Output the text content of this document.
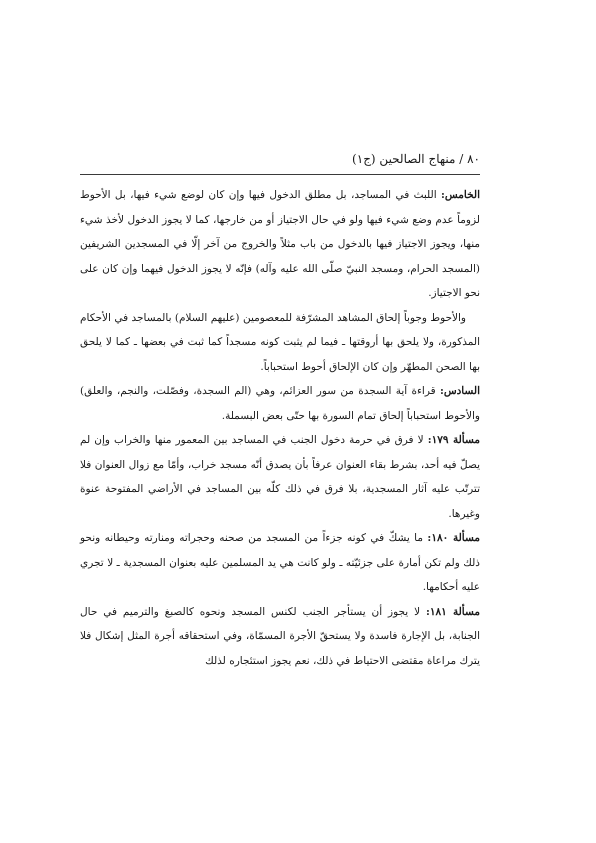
٨٠ / منهاج الصالحين (ج١)

الخامس: اللبث في المساجد، بل مطلق الدخول فيها وإن كان لوضع شيء فيها، بل الأحوط لزوماً عدم وضع شيء فيها ولو في حال الاجتياز أو من خارجها، كما لا يجوز الدخول لأخذ شيء منها، ويجوز الاجتياز فيها بالدخول من باب مثلاً والخروج من آخر إلّا في المسجدين الشريفين (المسجد الحرام، ومسجد النبيّ صلّى الله عليه وآله) فإنّه لا يجوز الدخول فيهما وإن كان على نحو الاجتياز.

والأحوط وجوباً إلحاق المشاهد المشرّفة للمعصومين (عليهم السلام) بالمساجد في الأحكام المذكورة، ولا يلحق بها أروقتها ـ فيما لم يثبت كونه مسجداً كما ثبت في بعضها ـ كما لا يلحق بها الصحن المطهّر وإن كان الإلحاق أحوط استحباباً.

السادس: قراءة آية السجدة من سور العزائم، وهي (الم السجدة، وفصّلت، والنجم، والعلق) والأحوط استحباباً إلحاق تمام السورة بها حتّى بعض البسملة.

مسألة ١٧٩: لا فرق في حرمة دخول الجنب في المساجد بين المعمور منها والخراب وإن لم يصلّ فيه أحد، بشرط بقاء العنوان عرفاً بأن يصدق أنّه مسجد خراب، وأمّا مع زوال العنوان فلا تترتّب عليه آثار المسجدية، بلا فرق في ذلك كلّه بين المساجد في الأراضي المفتوحة عنوة وغيرها.

مسألة ١٨٠: ما يشكّ في كونه جزءاً من المسجد من صحنه وحجراته ومنارته وحيطانه ونحو ذلك ولم تكن أمارة على جزئيّته ـ ولو كانت هي يد المسلمين عليه بعنوان المسجدية ـ لا تجري عليه أحكامها.

مسألة ١٨١: لا يجوز أن يستأجر الجنب لكنس المسجد ونحوه كالصبغ والترميم في حال الجنابة، بل الإجارة فاسدة ولا يستحقّ الأجرة المسمّاة، وفي استحقاقه أجرة المثل إشكال فلا يترك مراعاة مقتضى الاحتياط في ذلك، نعم يجوز استئجاره لذلك
